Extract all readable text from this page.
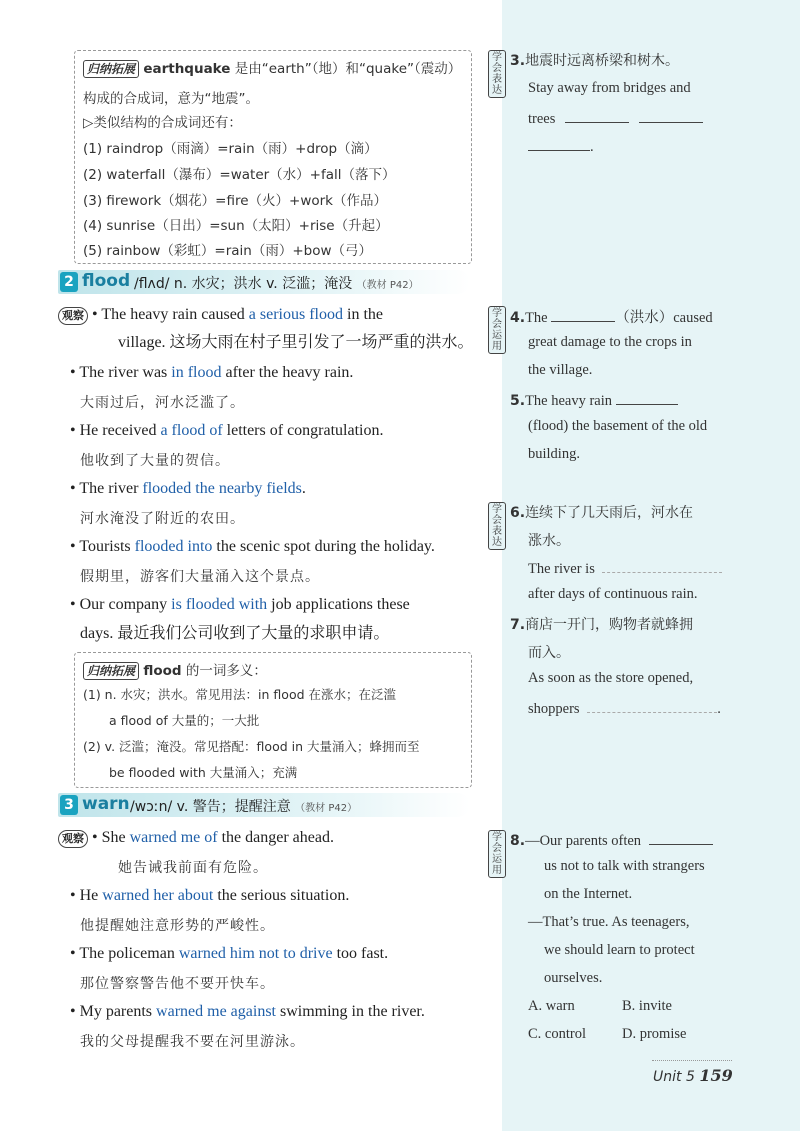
归纳拓展 earthquake 是由“earth”（地）和“quake”（震动）
构成的合成词，意为“地震”。
▷类似结构的合成词还有：
(1) raindrop（雨滴）=rain（雨）+drop（滴）
(2) waterfall（瀑布）=water（水）+fall（落下）
(3) firework（烟花）=fire（火）+work（作品）
(4) sunrise（日出）=sun（太阳）+rise（升起）
(5) rainbow（彩虹）=rain（雨）+bow（弓）
2 flood /flʌd/ n. 水灾；洪水 v. 泛滥；淹没 （教材 P42）
观察 • The heavy rain caused a serious flood in the
village. 这场大雨在村子里引发了一场严重的洪水。
• The river was in flood after the heavy rain.
大雨过后，河水泛滥了。
• He received a flood of letters of congratulation.
他收到了大量的贺信。
• The river flooded the nearby fields.
河水淹没了附近的农田。
• Tourists flooded into the scenic spot during the holiday.
假期里，游客们大量涌入这个景点。
• Our company is flooded with job applications these
days. 最近我们公司收到了大量的求职申请。
归纳拓展 flood 的一词多义：
(1) n. 水灾；洪水。常见用法：in flood 在涨水；在泛滥
a flood of 大量的；一大批
(2) v. 泛滥；淹没。常见搭配：flood in 大量涌入；蜂拥而至
be flooded with 大量涌入；充满
3 warn /wɔːn/ v. 警告；提醒注意 （教材 P42）
观察 • She warned me of the danger ahead.
她告诫我前面有危险。
• He warned her about the serious situation.
他提醒她注意形势的严峻性。
• The policeman warned him not to drive too fast.
那位警察警告他不要开快车。
• My parents warned me against swimming in the river.
我的父母提醒我不要在河里游泳。
学会表达
3.地震时远离桥梁和树木。
Stay away from bridges and
trees
.
学会运用
4.The	（洪水）caused
great damage to the crops in
the village.
5.The heavy rain
(flood) the basement of the old
building.
学会表达
6.连续下了几天雨后，河水在
涨水。
The river is
after days of continuous rain.
7.商店一开门，购物者就蜂拥
而入。
As soon as the store opened,
shoppers	.
学会运用
8.—Our parents often
us not to talk with strangers
on the Internet.
—That’s true. As teenagers,
we should learn to protect
ourselves.
A. warn	B. invite
C. control D. promise
Unit 5 159
